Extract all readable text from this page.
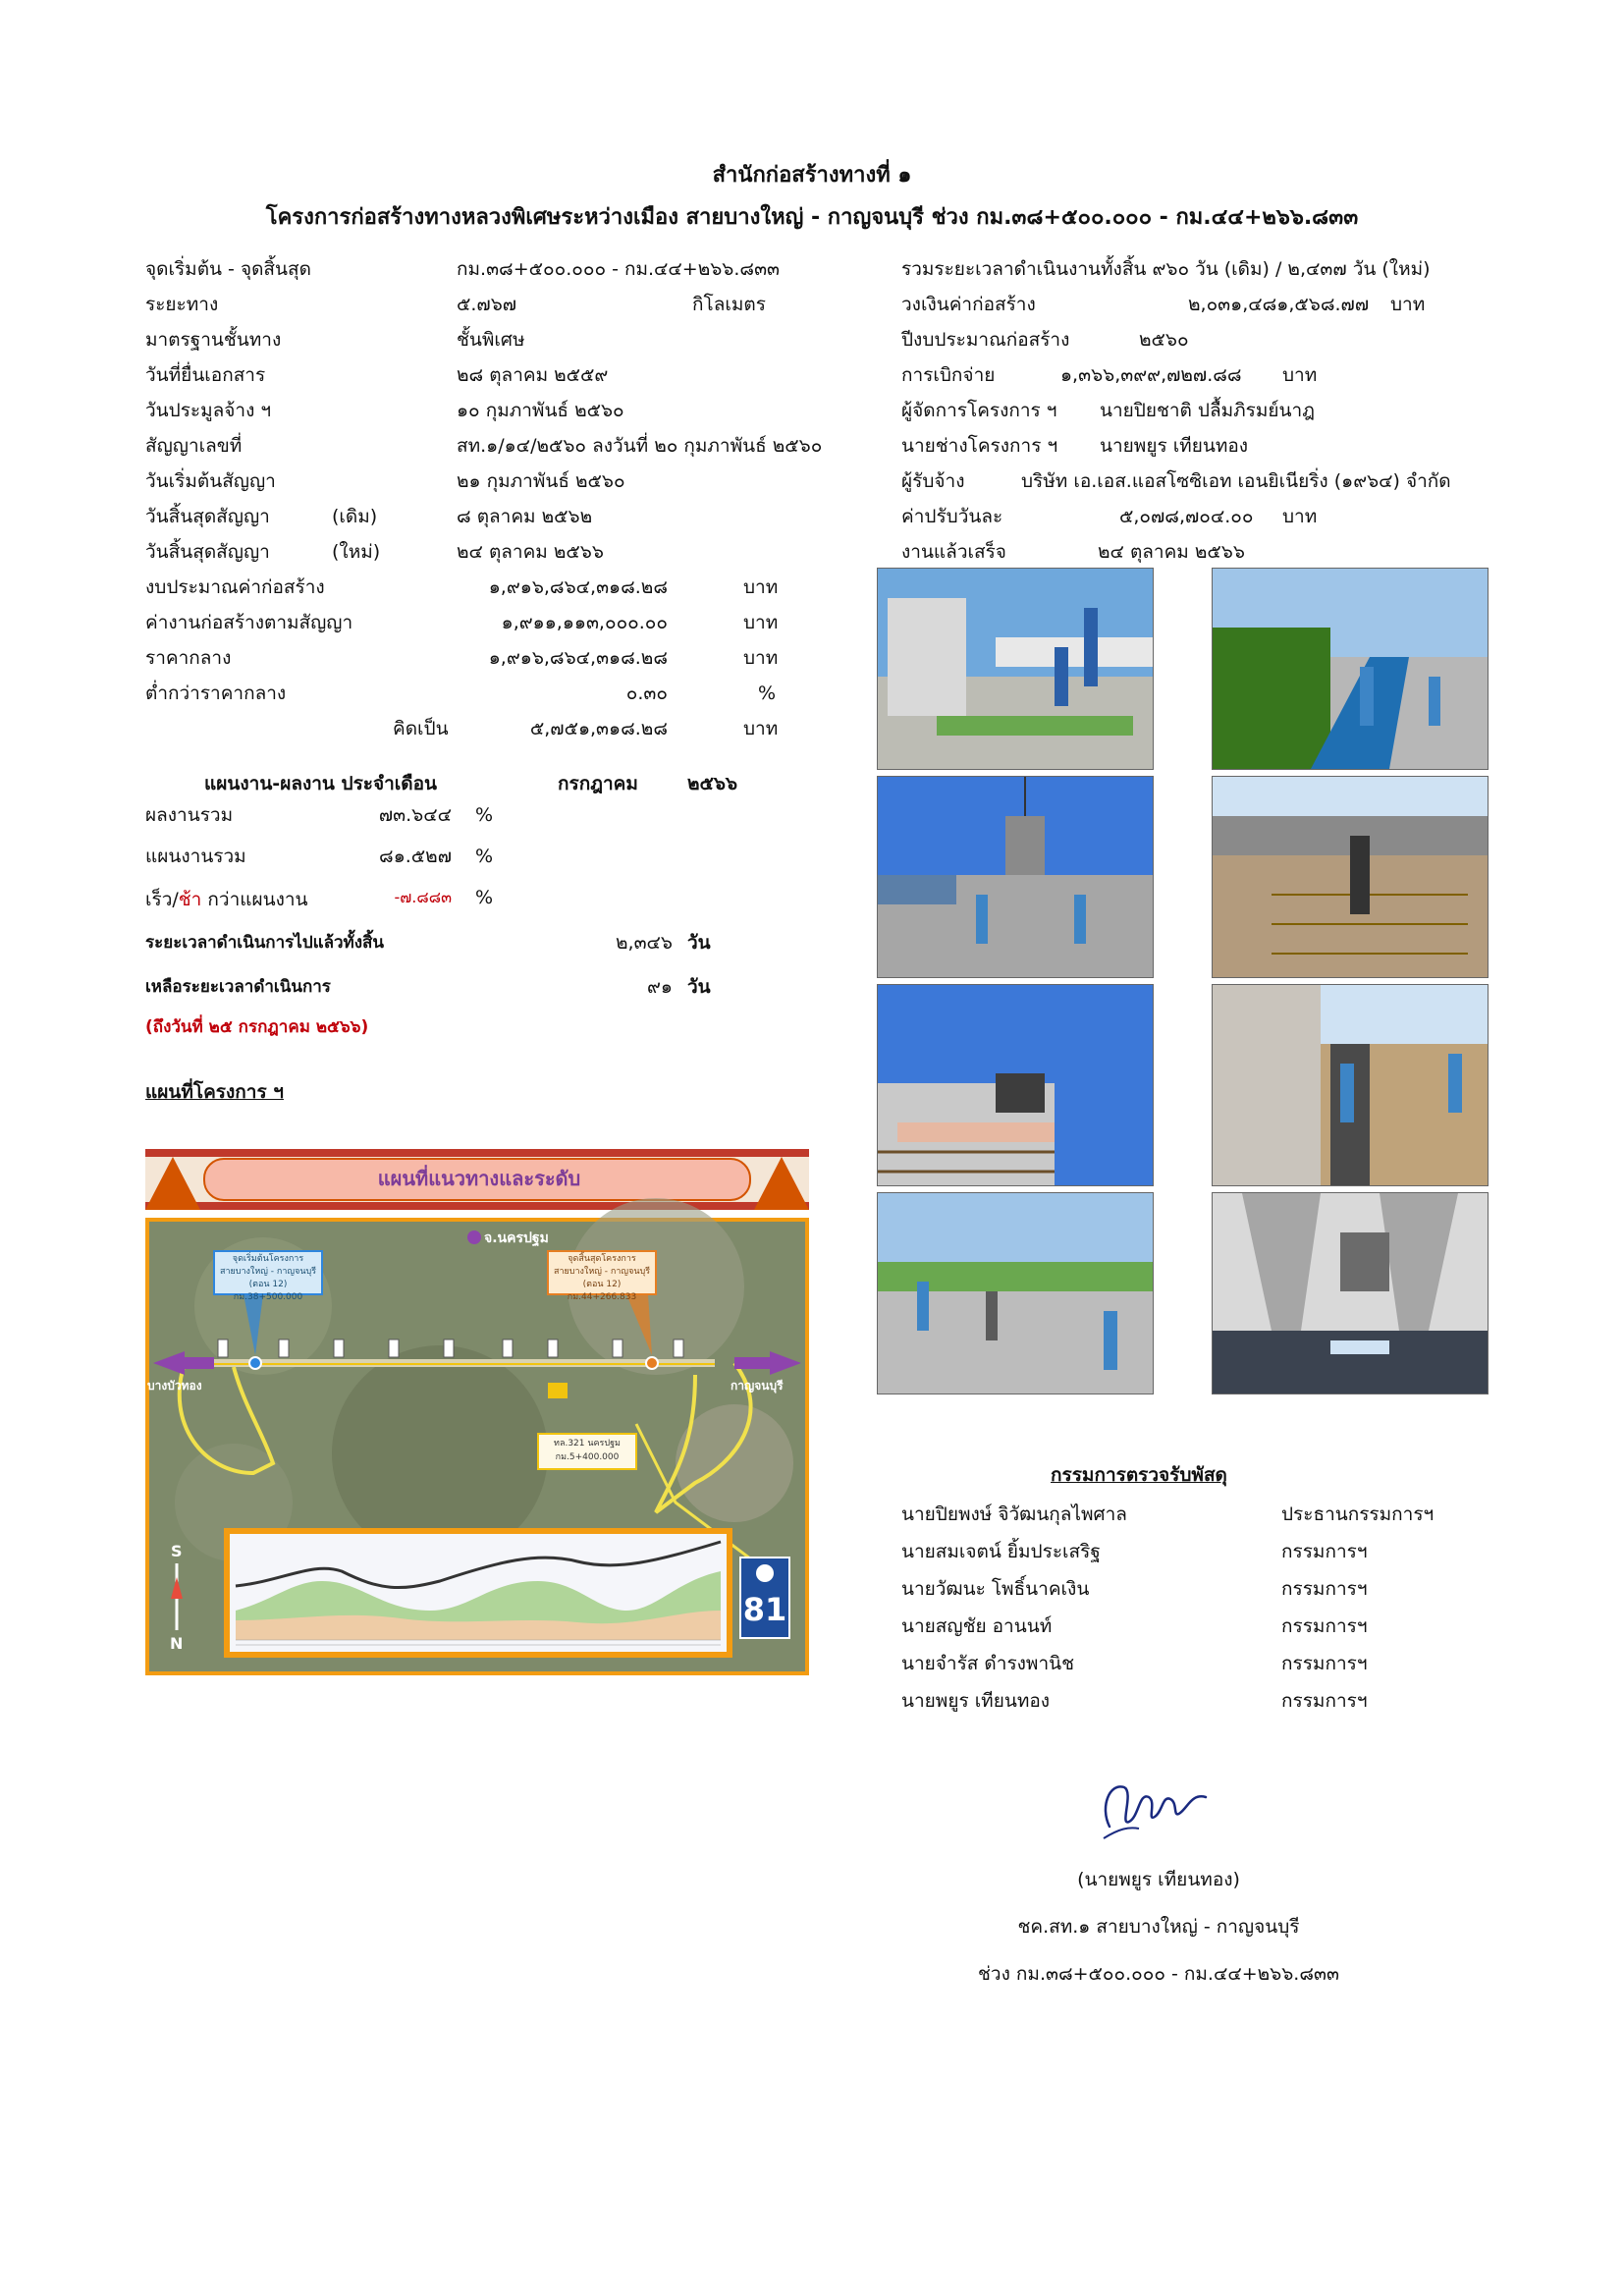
สำนักก่อสร้างทางที่ ๑
โครงการก่อสร้างทางหลวงพิเศษระหว่างเมือง สายบางใหญ่ - กาญจนบุรี ช่วง กม.๓๘+๕๐๐.๐๐๐ - กม.๔๔+๒๖๖.๘๓๓
จุดเริ่มต้น - จุดสิ้นสุด	กม.๓๘+๕๐๐.๐๐๐ - กม.๔๔+๒๖๖.๘๓๓
ระยะทาง	๕.๗๖๗	กิโลเมตร
มาตรฐานชั้นทาง	ชั้นพิเศษ
วันที่ยื่นเอกสาร	๒๘ ตุลาคม ๒๕๕๙
วันประมูลจ้าง ฯ	๑๐ กุมภาพันธ์ ๒๕๖๐
สัญญาเลขที่	สท.๑/๑๔/๒๕๖๐ ลงวันที่ ๒๐ กุมภาพันธ์ ๒๕๖๐
วันเริ่มต้นสัญญา	๒๑ กุมภาพันธ์ ๒๕๖๐
วันสิ้นสุดสัญญา	(เดิม)	๘ ตุลาคม ๒๕๖๒
วันสิ้นสุดสัญญา	(ใหม่)	๒๔ ตุลาคม ๒๕๖๖
งบประมาณค่าก่อสร้าง	๑,๙๑๖,๘๖๔,๓๑๘.๒๘	บาท
ค่างานก่อสร้างตามสัญญา	๑,๙๑๑,๑๑๓,๐๐๐.๐๐	บาท
ราคากลาง	๑,๙๑๖,๘๖๔,๓๑๘.๒๘	บาท
ต่ำกว่าราคากลาง	๐.๓๐	%
คิดเป็น	๕,๗๕๑,๓๑๘.๒๘	บาท
แผนงาน-ผลงาน ประจำเดือน	กรกฎาคม	๒๕๖๖
ผลงานรวม	๗๓.๖๔๔ %
แผนงานรวม	๘๑.๕๒๗ %
เร็ว/ช้า กว่าแผนงาน	-๗.๘๘๓ %
ระยะเวลาดำเนินการไปแล้วทั้งสิ้น	๒,๓๔๖ วัน
เหลือระยะเวลาดำเนินการ	๙๑ วัน
(ถึงวันที่ ๒๕ กรกฎาคม ๒๕๖๖)
แผนที่โครงการ ฯ
แผนที่แนวทางและระดับ
จ.นครปฐม
จุดเริ่มต้นโครงการ
สายบางใหญ่ - กาญจนบุรี (ตอน 12)
กม.38+500.000
จุดสิ้นสุดโครงการ
สายบางใหญ่ - กาญจนบุรี (ตอน 12)
กม.44+266.833
บางบัวทอง	กาญจนบุรี
ทล.321 นครปฐม
กม.5+400.000
81
S
N
รวมระยะเวลาดำเนินงานทั้งสิ้น ๙๖๐ วัน (เดิม) / ๒,๔๓๗ วัน (ใหม่)
วงเงินค่าก่อสร้าง	๒,๐๓๑,๔๘๑,๕๖๘.๗๗ บาท
ปีงบประมาณก่อสร้าง	๒๕๖๐
การเบิกจ่าย	๑,๓๖๖,๓๙๙,๗๒๗.๘๘ บาท
ผู้จัดการโครงการ ฯ นายปิยชาติ ปลื้มภิรมย์นาฎ
นายช่างโครงการ ฯ นายพยูร เทียนทอง
ผู้รับจ้าง	บริษัท เอ.เอส.แอสโซซิเอท เอนยิเนียริ่ง (๑๙๖๔) จำกัด
ค่าปรับวันละ	๕,๐๗๘,๗๐๔.๐๐ บาท
งานแล้วเสร็จ	๒๔ ตุลาคม ๒๕๖๖
กรรมการตรวจรับพัสดุ
นายปิยพงษ์ จิวัฒนกุลไพศาล	ประธานกรรมการฯ
นายสมเจตน์ ยิ้มประเสริฐ	กรรมการฯ
นายวัฒนะ โพธิ์นาคเงิน	กรรมการฯ
นายสญชัย อานนท์	กรรมการฯ
นายจำรัส ดำรงพานิช	กรรมการฯ
นายพยูร เทียนทอง	กรรมการฯ
(นายพยูร เทียนทอง)
ชค.สท.๑ สายบางใหญ่ - กาญจนบุรี
ช่วง กม.๓๘+๕๐๐.๐๐๐ - กม.๔๔+๒๖๖.๘๓๓
